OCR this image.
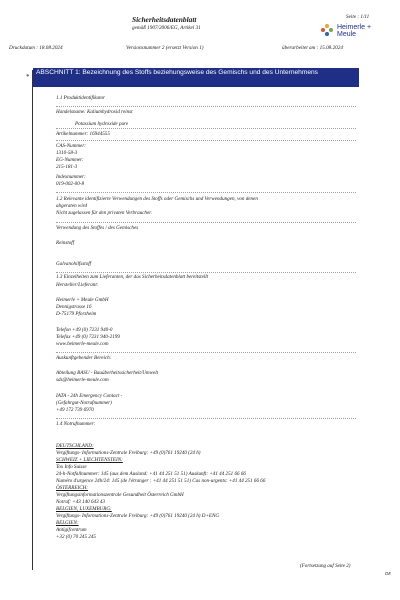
Sicherheitsdatenblatt
gemäß 1907/2006/EG, Artikel 31
Seite : 1/11
Heimerle + Meule
Druckdatum : 18.08.2024	Versionsnummer 2 (ersetzt Version 1)	überarbeitet am : 15.08.2024
*
ABSCHNITT 1: Bezeichnung des Stoffs beziehungsweise des Gemischs und des Unternehmens
1.1 Produktidentifikator
Handelsname: Kaliumhydroxid reinst
Potassium hydroxide pure
Artikelnummer: 16944555
CAS-Nummer:
1310-58-3
EG-Nummer:
215-181-3
Indexnummer:
019-002-00-8
1.2 Relevante identifizierte Verwendungen des Stoffs oder Gemischs und Verwendungen, von denen
abgeraten wird
Nicht zugelassen für den privaten Verbraucher.
Verwendung des Stoffes / des Gemisches
Reinstoff
Galvanohilfsstoff
1.3 Einzelheiten zum Lieferanten, der das Sicherheitsdatenblatt bereitstellt
Hersteller/Lieferant:
Heimerle + Meule GmbH
Dennigstrasse 16
D-75179 Pforzheim
Telefon +49 (0) 7231 940-0
Telefax +49 (0) 7231 940-2199
www.heimerle-meule.com
Auskunftgebender Bereich:
Abteilung BASU - Bauüberheitssicherheit/Umwelt
sds@heimerle-meule.com
IATA - 24h Emergency Contact -
(Gefahrgut-Notrufnummer)
+49 172 739 6970
1.4 Notrufnummer:
DEUTSCHLAND:
Vergiftungs- Informations-Zentrale Freiburg: +49 (0)761 19240 (24 h)
SCHWEIZ + LIECHTENSTEIN:
Tox Info Suisse
24-h-Notfallnummer: 145 (aus dem Ausland: +41 44 251 51 51) Auskunft: +41 44 251 66 66
Numéro d'urgence 24h/24: 145 (de l'étranger : +41 44 251 51 51) Cas non-urgents: +41 44 251 66 66
ÖSTERREICH:
Vergiftungsinformationszentrale Gesundheit Österreich GmbH
Notruf: +43 140 643 43
BELGIEN, LUXEMBURG:
Vergiftungs- Informations-Zentrale Freiburg: +49 (0)761 19240 (24 h) D+ENG
BELGIEN:
Antigifcentrum
+32 (0) 70 245 245
(Fortsetzung auf Seite 2)
DE
